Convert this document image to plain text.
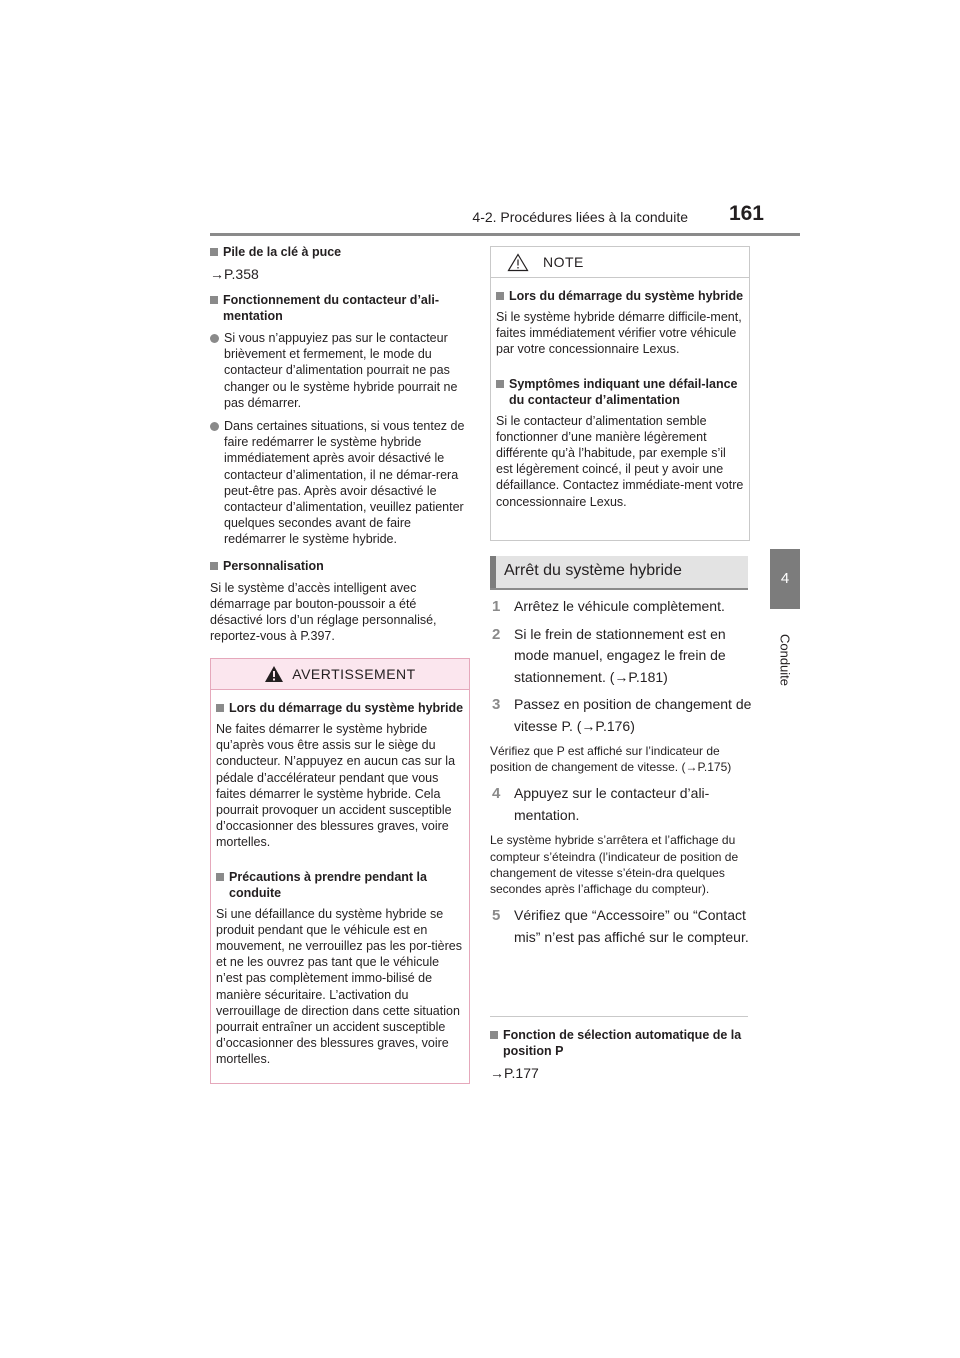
4-2. Procédures liées à la conduite 161
4
Conduite
Pile de la clé à puce
→P.358
Fonctionnement du contacteur d’ali-mentation
Si vous n’appuyiez pas sur le contacteur brièvement et fermement, le mode du contacteur d’alimentation pourrait ne pas changer ou le système hybride pourrait ne pas démarrer.
Dans certaines situations, si vous tentez de faire redémarrer le système hybride immédiatement après avoir désactivé le contacteur d’alimentation, il ne démar-rera peut-être pas. Après avoir désactivé le contacteur d’alimentation, veuillez patienter quelques secondes avant de faire redémarrer le système hybride.
Personnalisation
Si le système d’accès intelligent avec démarrage par bouton-poussoir a été désactivé lors d’un réglage personnalisé, reportez-vous à P.397.
AVERTISSEMENT
Lors du démarrage du système hybride
Ne faites démarrer le système hybride qu’après vous être assis sur le siège du conducteur. N’appuyez en aucun cas sur la pédale d’accélérateur pendant que vous faites démarrer le système hybride. Cela pourrait provoquer un accident susceptible d’occasionner des blessures graves, voire mortelles.
Précautions à prendre pendant la conduite
Si une défaillance du système hybride se produit pendant que le véhicule est en mouvement, ne verrouillez pas les por-tières et ne les ouvrez pas tant que le véhicule n’est pas complètement immo-bilisé de manière sécuritaire. L’activation du verrouillage de direction dans cette situation pourrait entraîner un accident susceptible d’occasionner des blessures graves, voire mortelles.
NOTE
Lors du démarrage du système hybride
Si le système hybride démarre difficile-ment, faites immédiatement vérifier votre véhicule par votre concessionnaire Lexus.
Symptômes indiquant une défail-lance du contacteur d’alimentation
Si le contacteur d’alimentation semble fonctionner d’une manière légèrement différente qu’à l’habitude, par exemple s’il est légèrement coincé, il peut y avoir une défaillance. Contactez immédiate-ment votre concessionnaire Lexus.
Arrêt du système hybride
1 Arrêtez le véhicule complètement.
2 Si le frein de stationnement est en mode manuel, engagez le frein de stationnement. (→P.181)
3 Passez en position de changement de vitesse P. (→P.176)
Vérifiez que P est affiché sur l’indicateur de position de changement de vitesse. (→P.175)
4 Appuyez sur le contacteur d’ali-mentation.
Le système hybride s’arrêtera et l’affichage du compteur s’éteindra (l’indicateur de position de changement de vitesse s’étein-dra quelques secondes après l’affichage du compteur).
5 Vérifiez que “Accessoire” ou “Contact mis” n’est pas affiché sur le compteur.
Fonction de sélection automatique de la position P
→P.177
